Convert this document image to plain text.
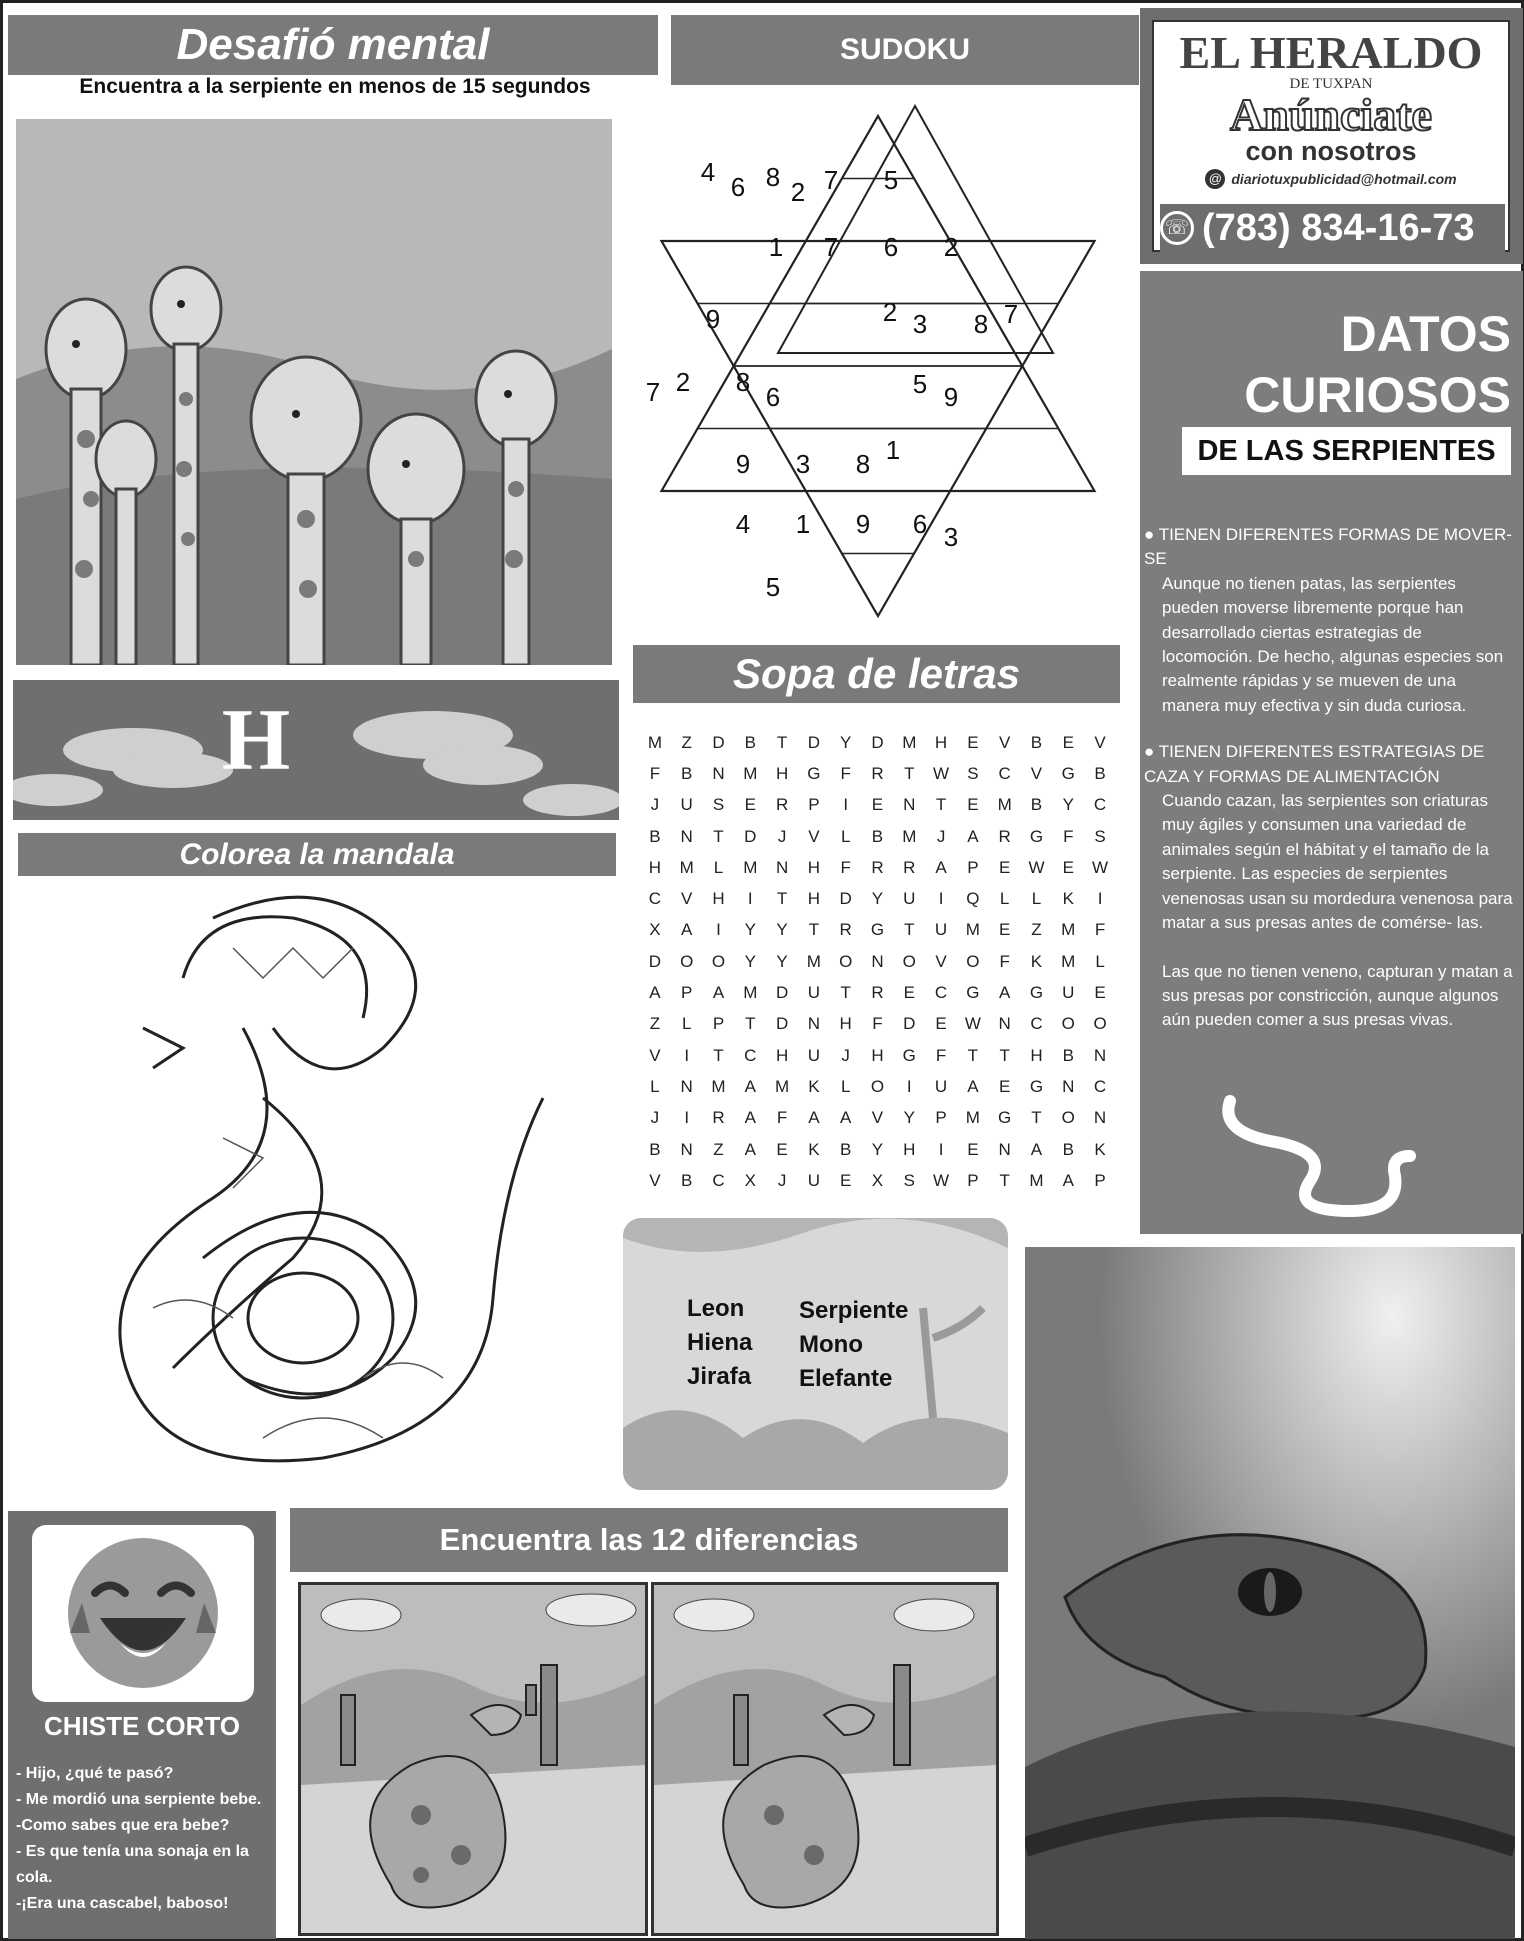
Desafió mental
Encuentra a la serpiente en menos de 15 segundos
H
Colorea la mandala
SUDOKU
4 6 8 2 7 5
1 7 6 2
9	2 3 8 7
7 2 8 6	5 9
9 3 8 1
4 1 9 6 3
5
EL HERALDO
DE TUXPAN
Anúnciate
con nosotros
@ diariotuxpublicidad@hotmail.com
☏ (783) 834-16-73
DATOS
CURIOSOS
DE LAS SERPIENTES

● TIENEN DIFERENTES FORMAS DE MOVER- SE

Aunque no tienen patas, las serpientes pueden moverse libremente porque han desarrollado ciertas estrategias de locomoción. De hecho, algunas especies son realmente rápidas y se mueven de una manera muy efectiva y sin duda curiosa.

● TIENEN DIFERENTES ESTRATEGIAS DE CAZA Y FORMAS DE ALIMENTACIÓN

Cuando cazan, las serpientes son criaturas muy ágiles y consumen una variedad de animales según el hábitat y el tamaño de la serpiente. Las especies de serpientes venenosas usan su mordedura venenosa para matar a sus presas antes de comérse- las.

Las que no tienen veneno, capturan y matan a sus presas por constricción, aunque algunos aún pueden comer a sus presas vivas.

Sopa de letras
M	Z	D	B	T	D	Y	D	M	H	E	V	B	E	V
F	B	N	M	H	G	F	R	T	W	S	C	V	G	B
J	U	S	E	R	P	I	E	N	T	E	M	B	Y	C
B	N	T	D	J	V	L	B	M	J	A	R	G	F	S
H	M	L	M	N	H	F	R	R	A	P	E	W	E	W
C	V	H	I	T	H	D	Y	U	I	Q	L	L	K	I
X	A	I	Y	Y	T	R	G	T	U	M	E	Z	M	F
D	O	O	Y	Y	M	O	N	O	V	O	F	K	M	L
A	P	A	M	D	U	T	R	E	C	G	A	G	U	E
Z	L	P	T	D	N	H	F	D	E	W	N	C	O	O
V	I	T	C	H	U	J	H	G	F	T	T	H	B	N
L	N	M	A	M	K	L	O	I	U	A	E	G	N	C
J	I	R	A	F	A	A	V	Y	P	M	G	T	O	N
B	N	Z	A	E	K	B	Y	H	I	E	N	A	B	K
V	B	C	X	J	U	E	X	S	W	P	T	M	A	P
Leon
Hiena
Jirafa
Serpiente
Mono
Elefante
CHISTE CORTO
- Hijo, ¿qué te pasó?
- Me mordió una serpiente bebe.
-Como sabes que era bebe?
- Es que tenía una sonaja en la cola.
-¡Era una cascabel, baboso!
Encuentra las 12 diferencias
